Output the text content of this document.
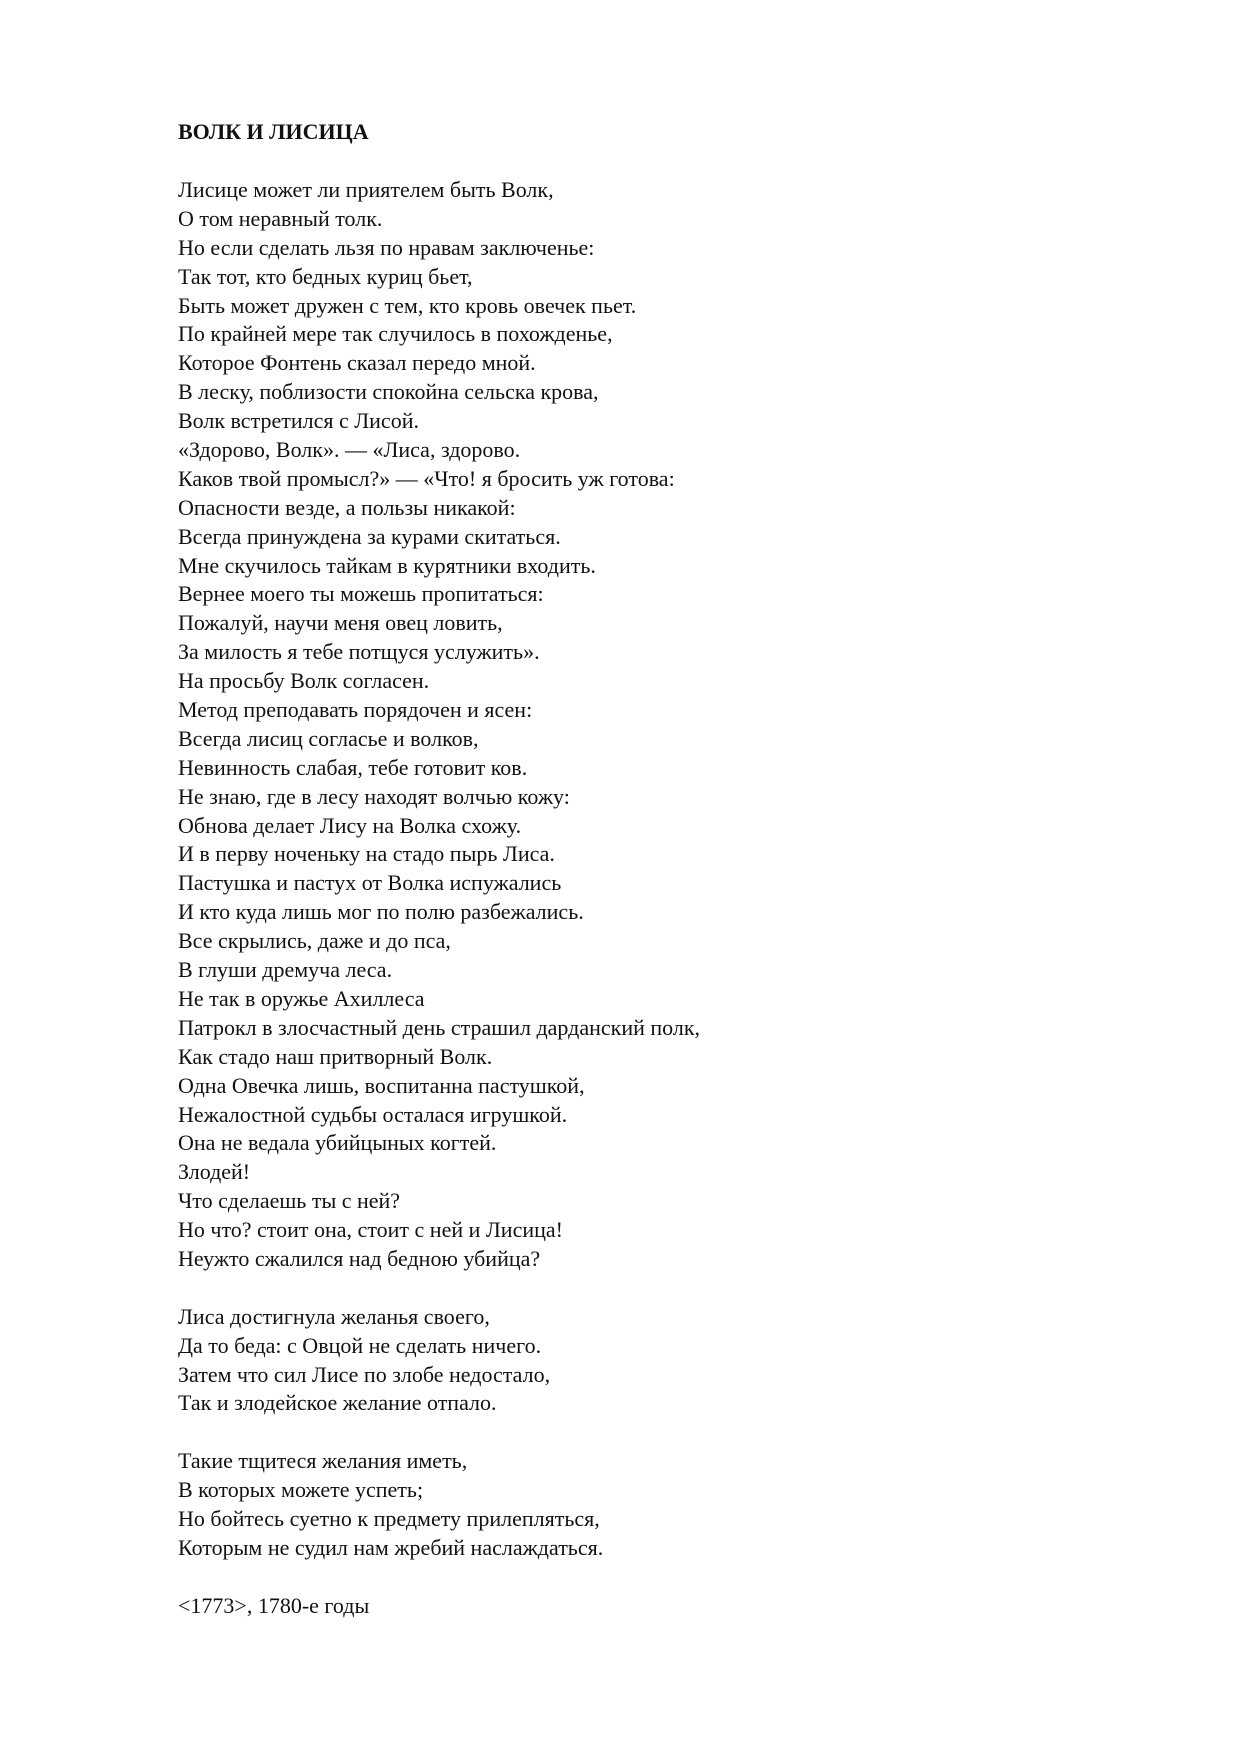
ВОЛК И ЛИСИЦА
Лисице может ли приятелем быть Волк,
О том неравный толк.
Но если сделать льзя по нравам заключенье:
Так тот, кто бедных куриц бьет,
Быть может дружен с тем, кто кровь овечек пьет.
По крайней мере так случилось в похожденье,
Которое Фонтень сказал передо мной.
В леску, поблизости спокойна сельска крова,
Волк встретился с Лисой.
«Здорово, Волк». — «Лиса, здорово.
Каков твой промысл?» — «Что! я бросить уж готова:
Опасности везде, а пользы никакой:
Всегда принуждена за курами скитаться.
Мне скучилось тайкам в курятники входить.
Вернее моего ты можешь пропитаться:
Пожалуй, научи меня овец ловить,
За милость я тебе потщуся услужить».
На просьбу Волк согласен.
Метод преподавать порядочен и ясен:
Всегда лисиц согласье и волков,
Невинность слабая, тебе готовит ков.
Не знаю, где в лесу находят волчью кожу:
Обнова делает Лису на Волка схожу.
И в перву ноченьку на стадо пырь Лиса.
Пастушка и пастух от Волка испужались
И кто куда лишь мог по полю разбежались.
Все скрылись, даже и до пса,
В глуши дремуча леса.
Не так в оружье Ахиллеса
Патрокл в злосчастный день страшил дарданский полк,
Как стадо наш притворный Волк.
Одна Овечка лишь, воспитанна пастушкой,
Нежалостной судьбы осталася игрушкой.
Она не ведала убийцыных когтей.
Злодей!
Что сделаешь ты с ней?
Но что? стоит она, стоит с ней и Лисица!
Неужто сжалился над бедною убийца?
Лиса достигнула желанья своего,
Да то беда: с Овцой не сделать ничего.
Затем что сил Лисе по злобе недостало,
Так и злодейское желание отпало.
Такие тщитеся желания иметь,
В которых можете успеть;
Но бойтесь суетно к предмету прилепляться,
Которым не судил нам жребий наслаждаться.
<1773>, 1780-е годы
